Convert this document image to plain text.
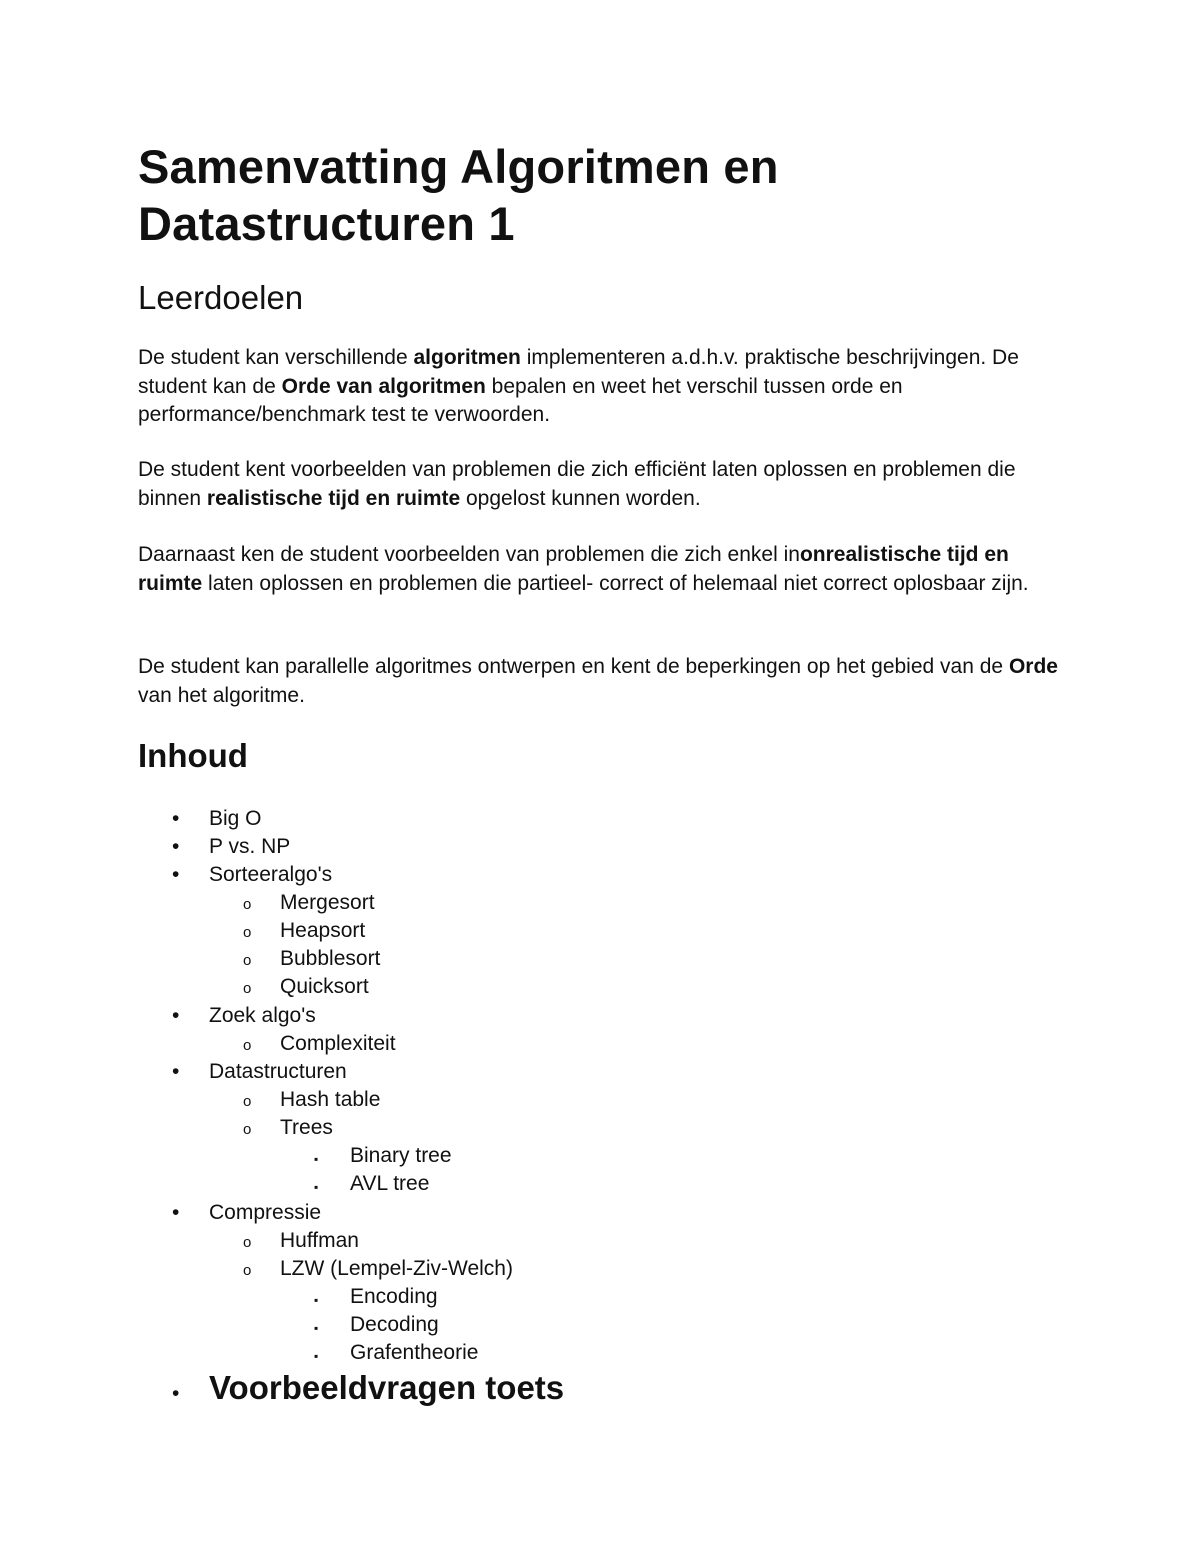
Samenvatting Algoritmen en Datastructuren 1
Leerdoelen

De student kan verschillende algoritmen implementeren a.d.h.v. praktische beschrijvingen. De student kan de Orde van algoritmen bepalen en weet het verschil tussen orde en performance/benchmark test te verwoorden.

De student kent voorbeelden van problemen die zich efficiënt laten oplossen en problemen die binnen realistische tijd en ruimte opgelost kunnen worden.

Daarnaast ken de student voorbeelden van problemen die zich enkel inonrealistische tijd en ruimte laten oplossen en problemen die partieel- correct of helemaal niet correct oplosbaar zijn.

De student kan parallelle algoritmes ontwerpen en kent de beperkingen op het gebied van de Orde van het algoritme.

Inhoud
• Big O
• P vs. NP
• Sorteeralgo's
o Mergesort
o Heapsort
o Bubblesort
o Quicksort
• Zoek algo's
o Complexiteit
• Datastructuren
o Hash table
o Trees
▪ Binary tree
▪ AVL tree
• Compressie
o Huffman
o LZW (Lempel-Ziv-Welch)
▪ Encoding
▪ Decoding
▪ Grafentheorie
• Voorbeeldvragen toets
